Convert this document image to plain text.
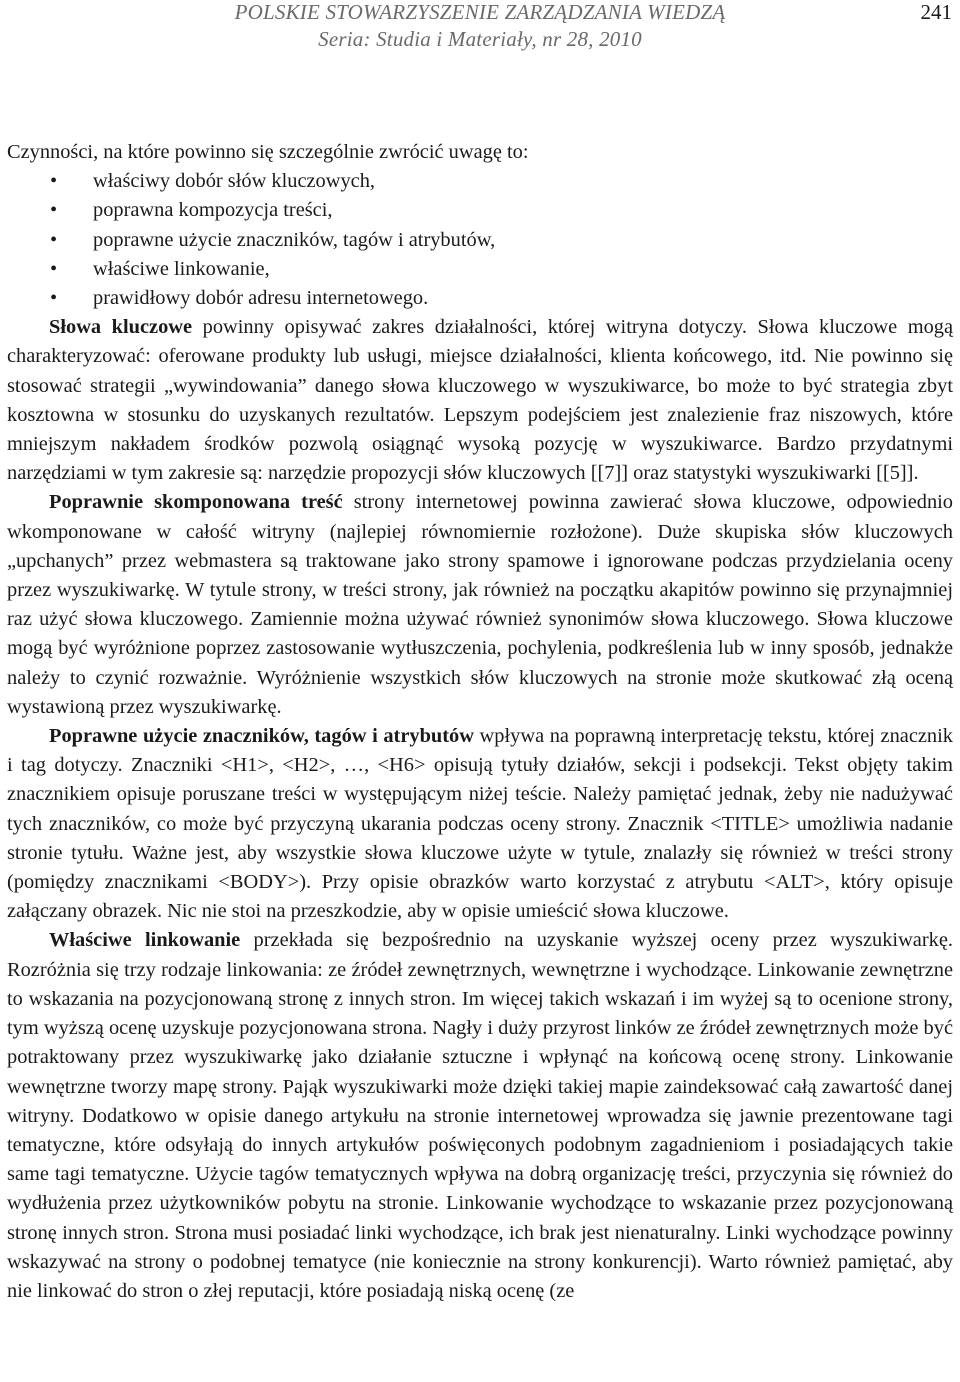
POLSKIE STOWARZYSZENIE ZARZĄDZANIA WIEDZĄ
Seria: Studia i Materiały, nr 28, 2010
241

Czynności, na które powinno się szczególnie zwrócić uwagę to:

• właściwy dobór słów kluczowych,
• poprawna kompozycja treści,
• poprawne użycie znaczników, tagów i atrybutów,
• właściwe linkowanie,
• prawidłowy dobór adresu internetowego.

Słowa kluczowe powinny opisywać zakres działalności, której witryna dotyczy. Słowa kluczowe mogą charakteryzować: oferowane produkty lub usługi, miejsce działalności, klienta końcowego, itd. Nie powinno się stosować strategii „wywindowania” danego słowa kluczowego w wyszukiwarce, bo może to być strategia zbyt kosztowna w stosunku do uzyskanych rezultatów. Lepszym podejściem jest znalezienie fraz niszowych, które mniejszym nakładem środków pozwolą osiągnąć wysoką pozycję w wyszukiwarce. Bardzo przydatnymi narzędziami w tym zakresie są: narzędzie propozycji słów kluczowych [[7]] oraz statystyki wyszukiwarki [[5]].

Poprawnie skomponowana treść strony internetowej powinna zawierać słowa kluczowe, odpowiednio wkomponowane w całość witryny (najlepiej równomiernie rozłożone). Duże skupiska słów kluczowych „upchanych” przez webmastera są traktowane jako strony spamowe i ignorowane podczas przydzielania oceny przez wyszukiwarkę. W tytule strony, w treści strony, jak również na początku akapitów powinno się przynajmniej raz użyć słowa kluczowego. Zamiennie można używać również synonimów słowa kluczowego. Słowa kluczowe mogą być wyróżnione poprzez zastosowanie wytłuszczenia, pochylenia, podkreślenia lub w inny sposób, jednakże należy to czynić rozważnie. Wyróżnienie wszystkich słów kluczowych na stronie może skutkować złą oceną wystawioną przez wyszukiwarkę.

Poprawne użycie znaczników, tagów i atrybutów wpływa na poprawną interpretację tekstu, której znacznik i tag dotyczy. Znaczniki <H1>, <H2>, …, <H6> opisują tytuły działów, sekcji i podsekcji. Tekst objęty takim znacznikiem opisuje poruszane treści w występującym niżej teście. Należy pamiętać jednak, żeby nie nadużywać tych znaczników, co może być przyczyną ukarania podczas oceny strony. Znacznik <TITLE> umożliwia nadanie stronie tytułu. Ważne jest, aby wszystkie słowa kluczowe użyte w tytule, znalazły się również w treści strony (pomiędzy znacznikami <BODY>). Przy opisie obrazków warto korzystać z atrybutu <ALT>, który opisuje załączany obrazek. Nic nie stoi na przeszkodzie, aby w opisie umieścić słowa kluczowe.

Właściwe linkowanie przekłada się bezpośrednio na uzyskanie wyższej oceny przez wyszukiwarkę. Rozróżnia się trzy rodzaje linkowania: ze źródeł zewnętrznych, wewnętrzne i wychodzące. Linkowanie zewnętrzne to wskazania na pozycjonowaną stronę z innych stron. Im więcej takich wskazań i im wyżej są to ocenione strony, tym wyższą ocenę uzyskuje pozycjonowana strona. Nagły i duży przyrost linków ze źródeł zewnętrznych może być potraktowany przez wyszukiwarkę jako działanie sztuczne i wpłynąć na końcową ocenę strony. Linkowanie wewnętrzne tworzy mapę strony. Pająk wyszukiwarki może dzięki takiej mapie zaindeksować całą zawartość danej witryny. Dodatkowo w opisie danego artykułu na stronie internetowej wprowadza się jawnie prezentowane tagi tematyczne, które odsyłają do innych artykułów poświęconych podobnym zagadnieniom i posiadających takie same tagi tematyczne. Użycie tagów tematycznych wpływa na dobrą organizację treści, przyczynia się również do wydłużenia przez użytkowników pobytu na stronie. Linkowanie wychodzące to wskazanie przez pozycjonowaną stronę innych stron. Strona musi posiadać linki wychodzące, ich brak jest nienaturalny. Linki wychodzące powinny wskazywać na strony o podobnej tematyce (nie koniecznie na strony konkurencji). Warto również pamiętać, aby nie linkować do stron o złej reputacji, które posiadają niską ocenę (ze
